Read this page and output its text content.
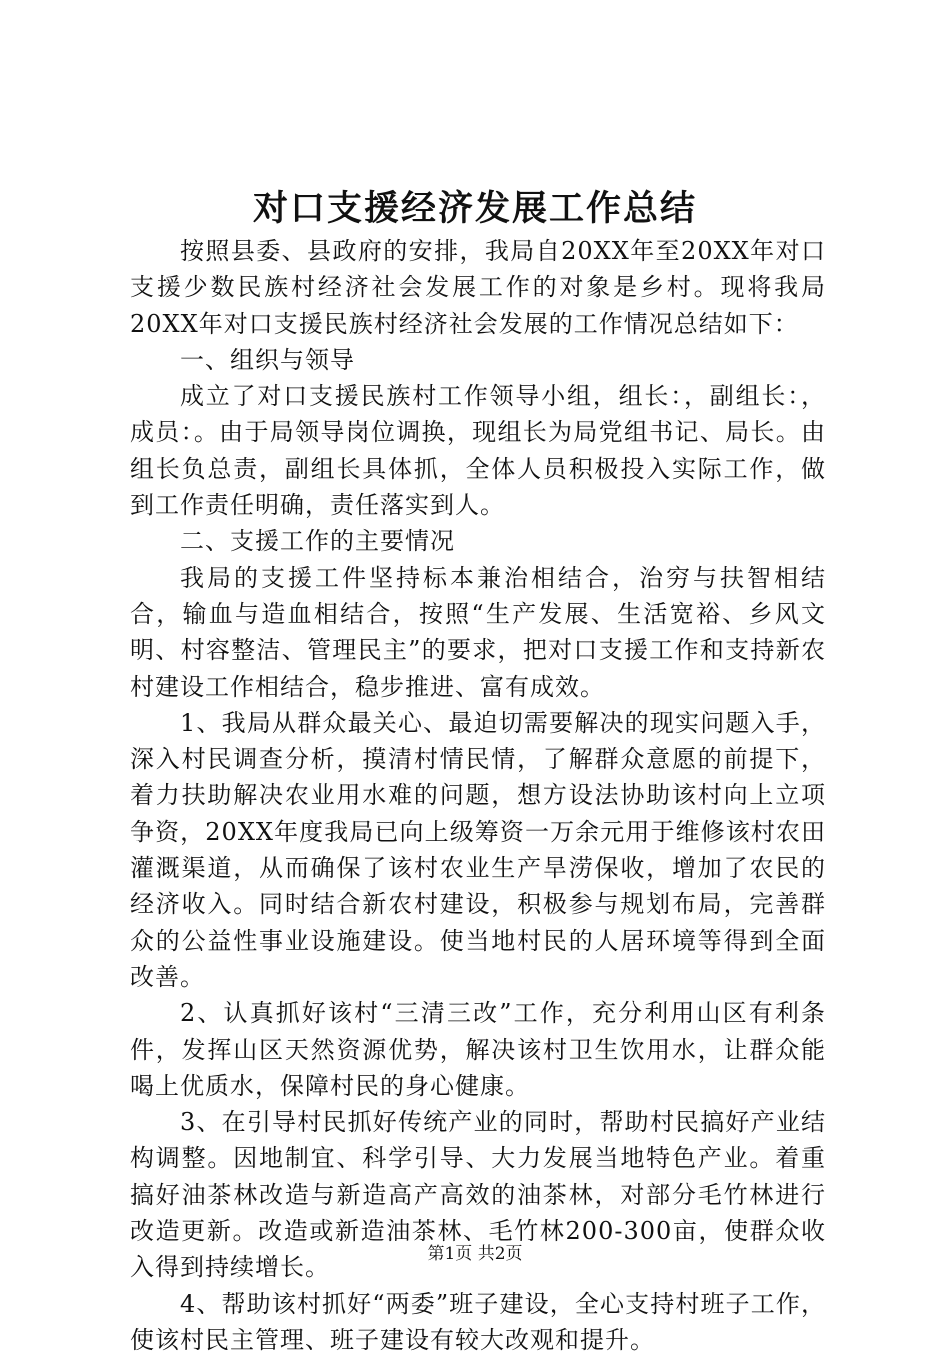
对口支援经济发展工作总结

按照县委、县政府的安排，我局自20XX年至20XX年对口支援少数民族村经济社会发展工作的对象是乡村。现将我局20XX年对口支援民族村经济社会发展的工作情况总结如下：

一、组织与领导

成立了对口支援民族村工作领导小组，组长：，副组长：，成员：。由于局领导岗位调换，现组长为局党组书记、局长。由组长负总责，副组长具体抓，全体人员积极投入实际工作，做到工作责任明确，责任落实到人。

二、支援工作的主要情况

我局的支援工件坚持标本兼治相结合，治穷与扶智相结合，输血与造血相结合，按照“生产发展、生活宽裕、乡风文明、村容整洁、管理民主”的要求，把对口支援工作和支持新农村建设工作相结合，稳步推进、富有成效。

1、我局从群众最关心、最迫切需要解决的现实问题入手，深入村民调查分析，摸清村情民情，了解群众意愿的前提下，着力扶助解决农业用水难的问题，想方设法协助该村向上立项争资，20XX年度我局已向上级筹资一万余元用于维修该村农田灌溉渠道，从而确保了该村农业生产旱涝保收，增加了农民的经济收入。同时结合新农村建设，积极参与规划布局，完善群众的公益性事业设施建设。使当地村民的人居环境等得到全面改善。

2、认真抓好该村“三清三改”工作，充分利用山区有利条件，发挥山区天然资源优势，解决该村卫生饮用水，让群众能喝上优质水，保障村民的身心健康。

3、在引导村民抓好传统产业的同时，帮助村民搞好产业结构调整。因地制宜、科学引导、大力发展当地特色产业。着重搞好油茶林改造与新造高产高效的油茶林，对部分毛竹林进行改造更新。改造或新造油茶林、毛竹林200-300亩，使群众收入得到持续增长。

4、帮助该村抓好“两委”班子建设，全心支持村班子工作，使该村民主管理、班子建设有较大改观和提升。

第1页 共2页
